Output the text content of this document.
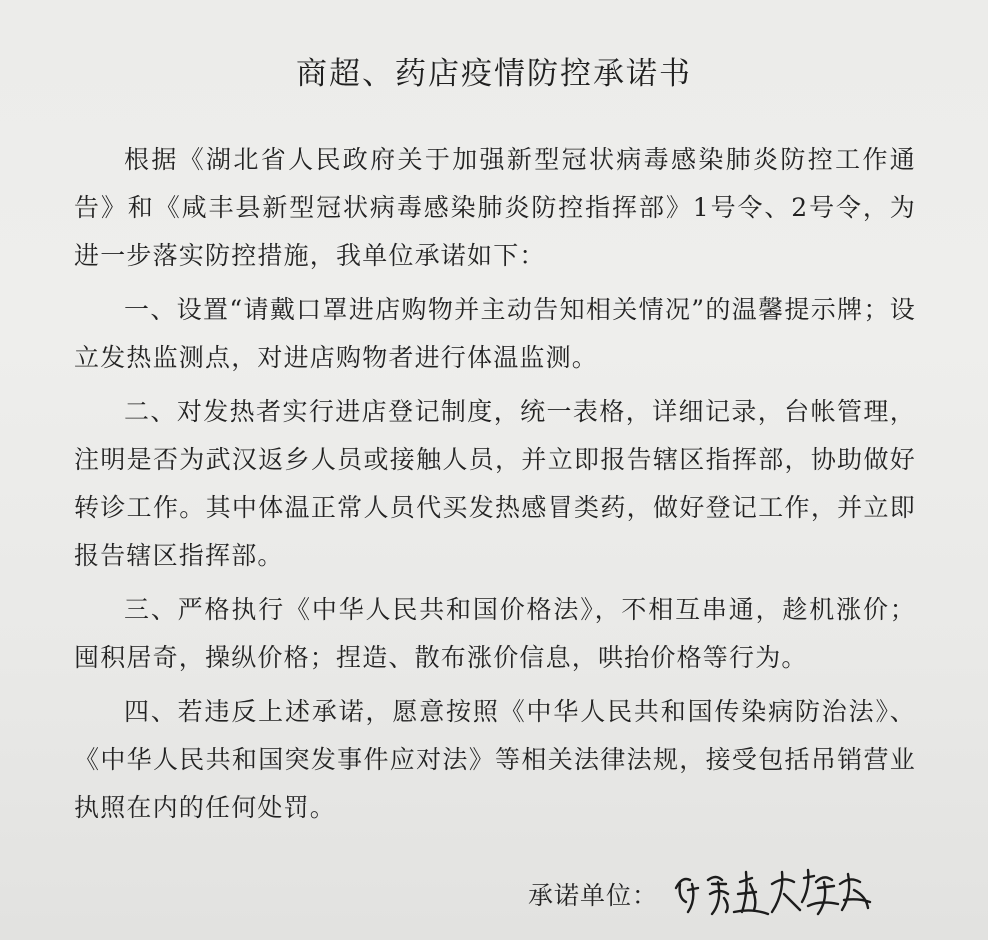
商超、药店疫情防控承诺书

根据《湖北省人民政府关于加强新型冠状病毒感染肺炎防控工作通告》和《咸丰县新型冠状病毒感染肺炎防控指挥部》1号令、2号令，为进一步落实防控措施，我单位承诺如下：

一、设置“请戴口罩进店购物并主动告知相关情况”的温馨提示牌；设立发热监测点，对进店购物者进行体温监测。

二、对发热者实行进店登记制度，统一表格，详细记录，台帐管理，注明是否为武汉返乡人员或接触人员，并立即报告辖区指挥部，协助做好转诊工作。其中体温正常人员代买发热感冒类药，做好登记工作，并立即报告辖区指挥部。

三、严格执行《中华人民共和国价格法》，不相互串通，趁机涨价；囤积居奇，操纵价格；捏造、散布涨价信息，哄抬价格等行为。

四、若违反上述承诺，愿意按照《中华人民共和国传染病防治法》、《中华人民共和国突发事件应对法》等相关法律法规，接受包括吊销营业执照在内的任何处罚。

承诺单位：
